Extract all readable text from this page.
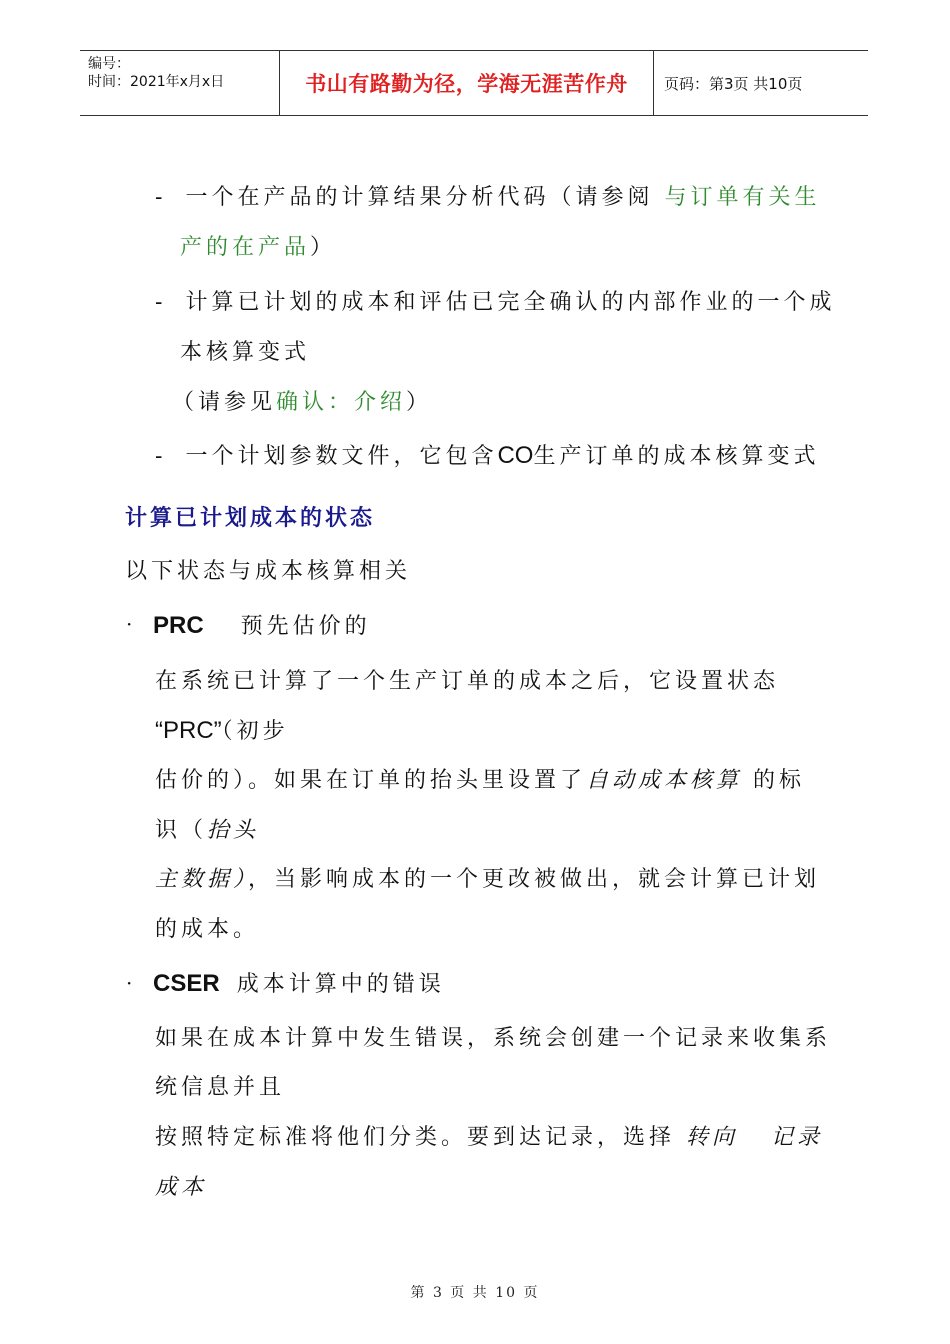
编号：
时间：2021年x月x日	书山有路勤为径，学海无涯苦作舟	页码：第3页 共10页
- 一个在产品的计算结果分析代码（请参阅 与订单有关生
产的在产品）
- 计算已计划的成本和评估已完全确认的内部作业的一个成
本核算变式
（请参见确认：介绍）
- 一个计划参数文件，它包含CO生产订单的成本核算变式
计算已计划成本的状态
以下状态与成本核算相关
· PRC 预先估价的
在系统已计算了一个生产订单的成本之后，它设置状态
“PRC”（初步
估价的）。如果在订单的抬头里设置了自动成本核算 的标
识（抬头
主数据），当影响成本的一个更改被做出，就会计算已计划
的成本。
· CSER 成本计算中的错误
如果在成本计算中发生错误，系统会创建一个记录来收集系
统信息并且
按照特定标准将他们分类。要到达记录，选择 转向   记录
成本
第 3 页 共 10 页
